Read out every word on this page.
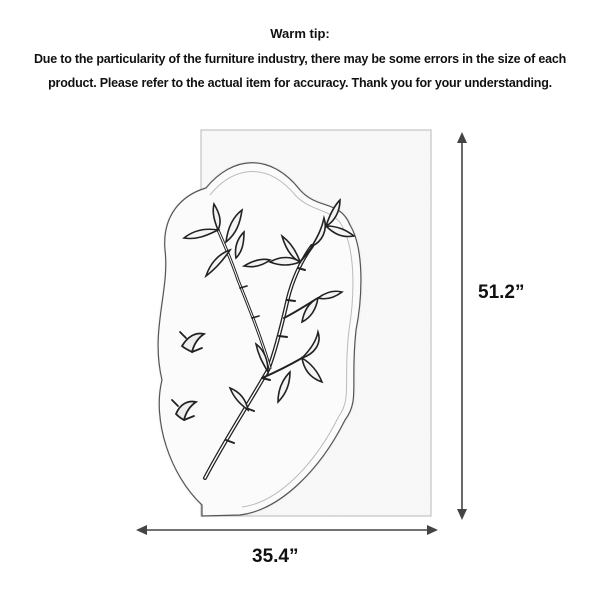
Warm tip:
Due to the particularity of the furniture industry, there may be some errors in the size of each
product. Please refer to the actual item for accuracy. Thank you for your understanding.
51.2”
35.4”
